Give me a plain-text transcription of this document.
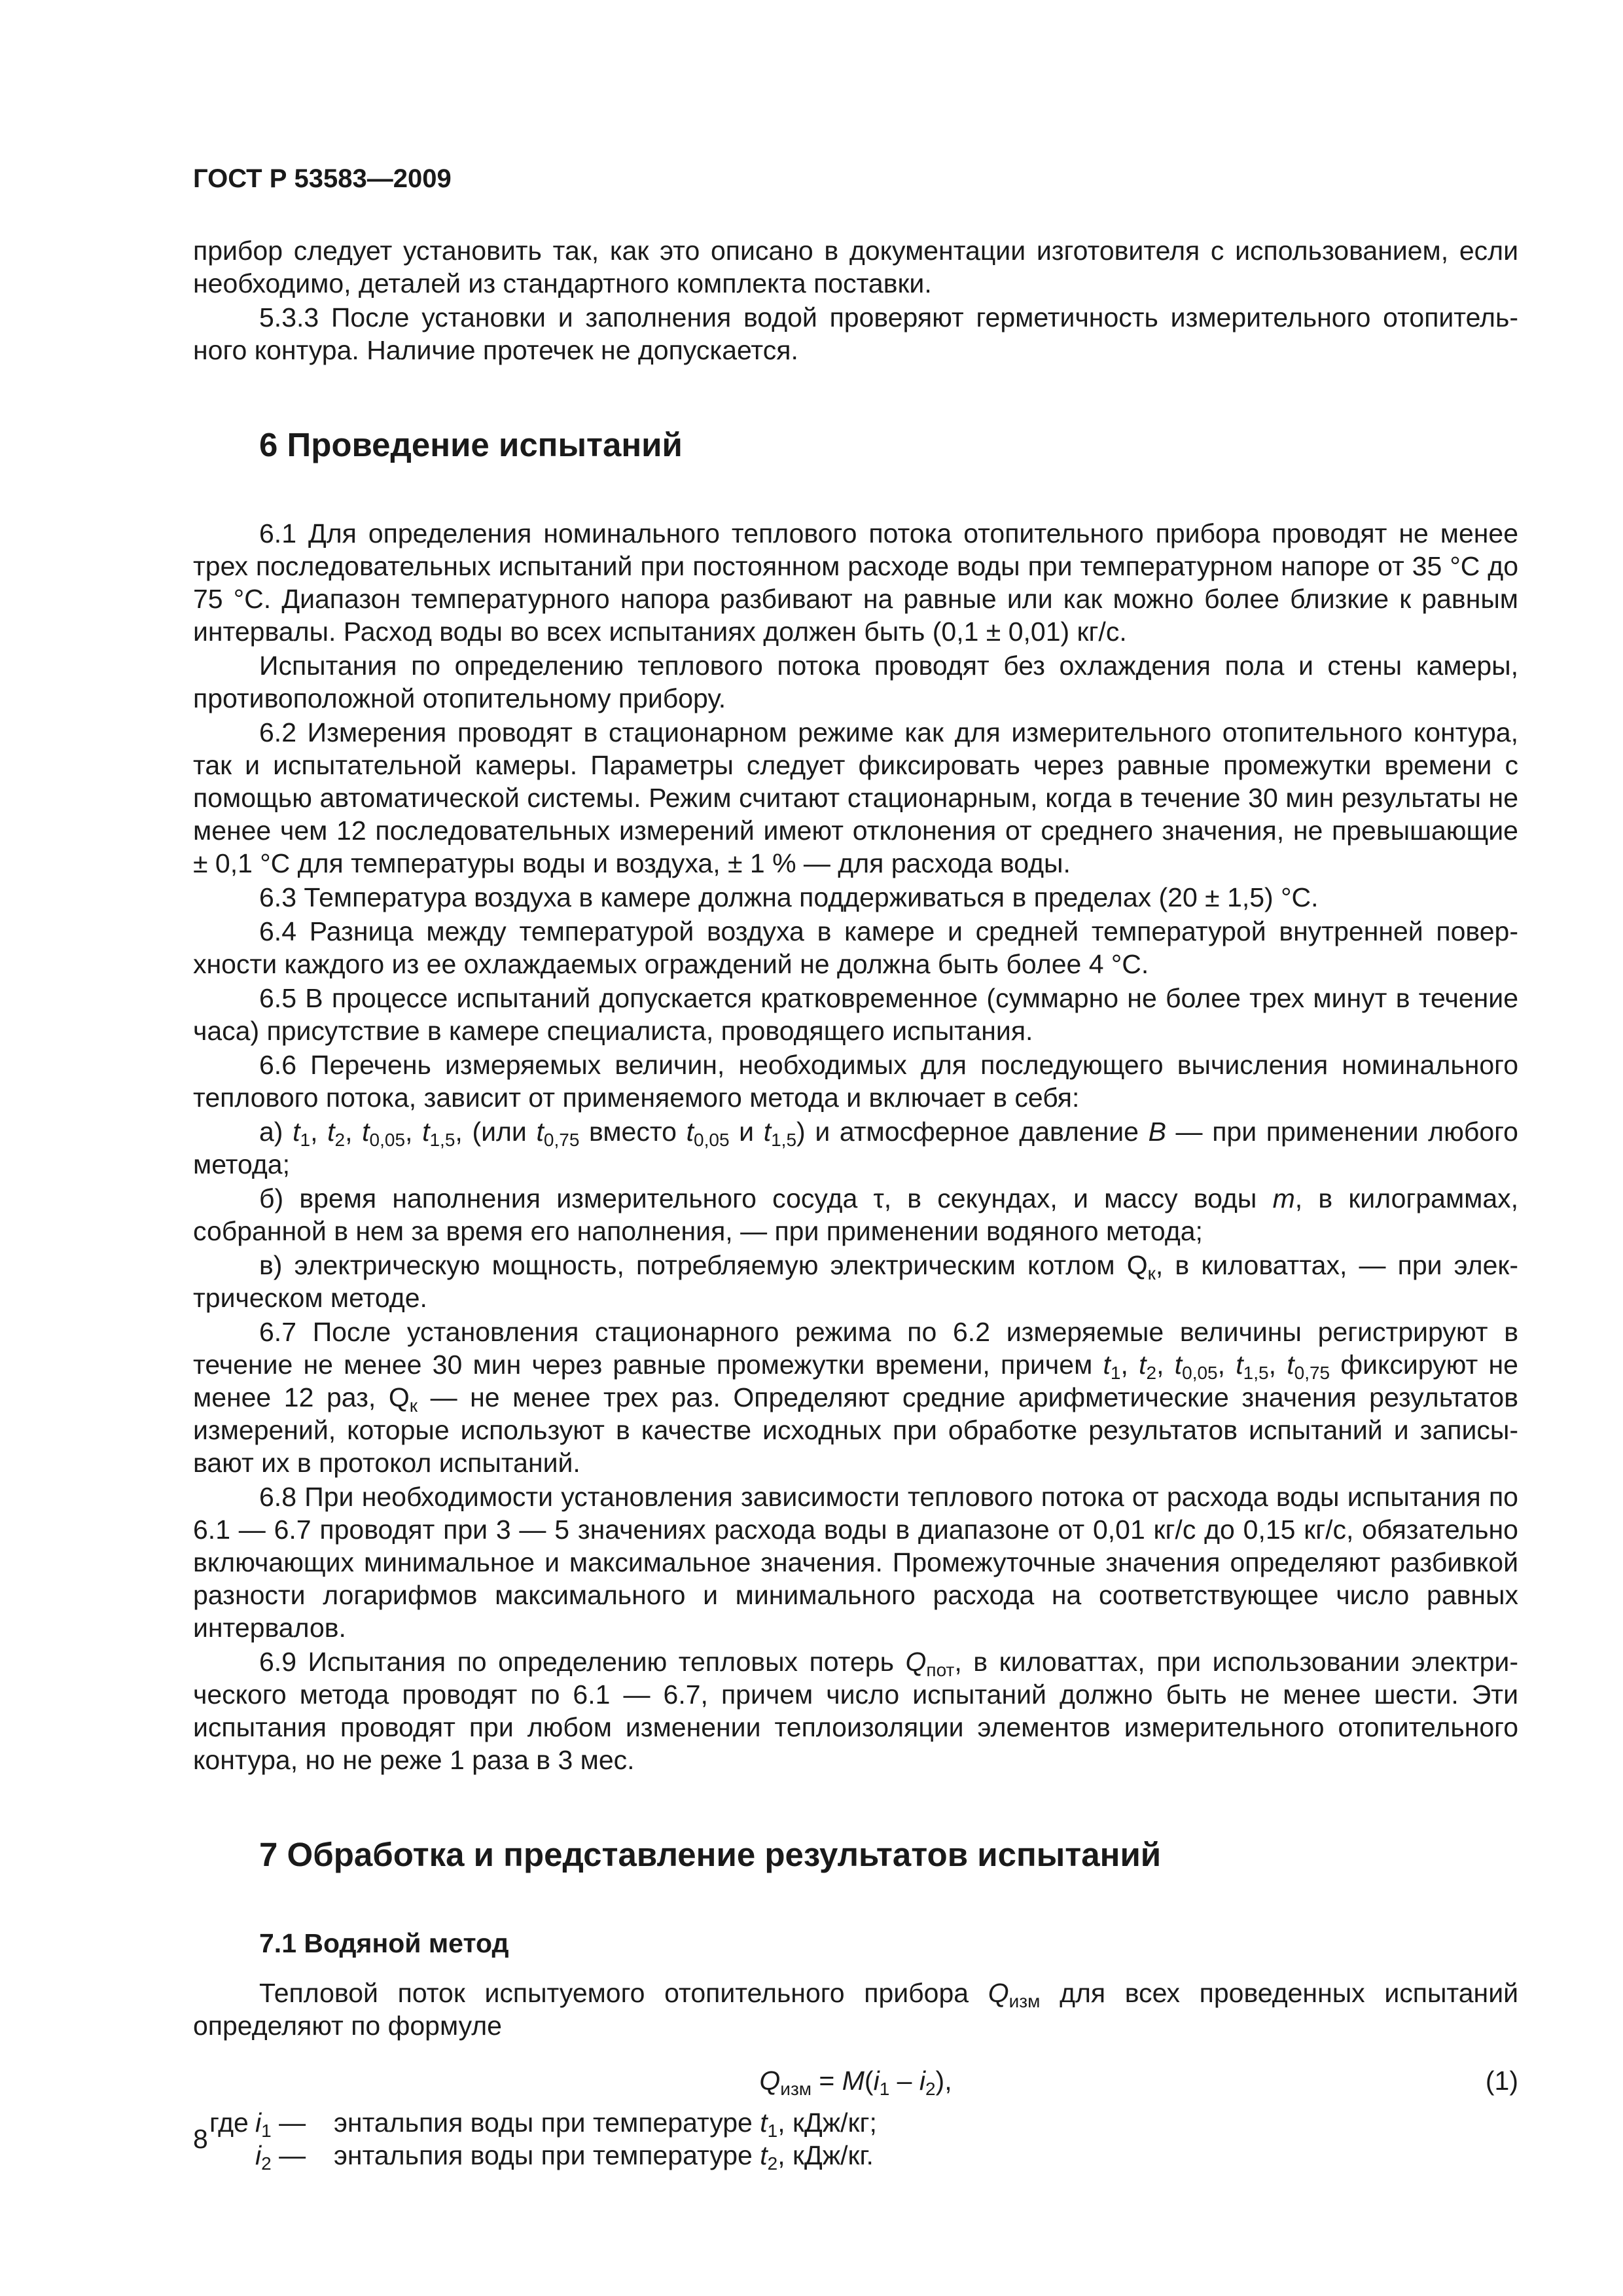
ГОСТ Р 53583—2009

прибор следует установить так, как это описано в документации изготовителя с использованием, если необходимо, деталей из стандартного комплекта поставки.

5.3.3 После установки и заполнения водой проверяют герметичность измерительного отопительного контура. Наличие протечек не допускается.

6 Проведение испытаний

6.1 Для определения номинального теплового потока отопительного прибора проводят не менее трех последовательных испытаний при постоянном расходе воды при температурном напоре от 35 °С до 75 °С. Диапазон температурного напора разбивают на равные или как можно более близкие к равным интервалы. Расход воды во всех испытаниях должен быть (0,1 ± 0,01) кг/с.

Испытания по определению теплового потока проводят без охлаждения пола и стены камеры, противоположной отопительному прибору.

6.2 Измерения проводят в стационарном режиме как для измерительного отопительного контура, так и испытательной камеры. Параметры следует фиксировать через равные промежутки времени с помощью автоматической системы. Режим считают стационарным, когда в течение 30 мин результаты не менее чем 12 последовательных измерений имеют отклонения от среднего значения, не превышающие ± 0,1 °С для температуры воды и воздуха, ± 1 % — для расхода воды.

6.3 Температура воздуха в камере должна поддерживаться в пределах (20 ± 1,5) °С.

6.4 Разница между температурой воздуха в камере и средней температурой внутренней поверхности каждого из ее охлаждаемых ограждений не должна быть более 4 °С.

6.5 В процессе испытаний допускается кратковременное (суммарно не более трех минут в течение часа) присутствие в камере специалиста, проводящего испытания.

6.6 Перечень измеряемых величин, необходимых для последующего вычисления номинального теплового потока, зависит от применяемого метода и включает в себя:

а) $t_1$, $t_2$, $t_{0,05}$, $t_{1,5}$, (или $t_{0,75}$ вместо $t_{0,05}$ и $t_{1,5}$) и атмосферное давление В — при применении любого метода;

б) время наполнения измерительного сосуда τ, в секундах, и массу воды m, в килограммах, собранной в нем за время его наполнения, — при применении водяного метода;

в) электрическую мощность, потребляемую электрическим котлом $Q_к$, в киловаттах, — при электрическом методе.

6.7 После установления стационарного режима по 6.2 измеряемые величины регистрируют в течение не менее 30 мин через равные промежутки времени, причем $t_1$, $t_2$, $t_{0,05}$, $t_{1,5}$, $t_{0,75}$ фиксируют не менее 12 раз, $Q_к$ — не менее трех раз. Определяют средние арифметические значения результатов измерений, которые используют в качестве исходных при обработке результатов испытаний и записывают их в протокол испытаний.

6.8 При необходимости установления зависимости теплового потока от расхода воды испытания по 6.1 — 6.7 проводят при 3 — 5 значениях расхода воды в диапазоне от 0,01 кг/с до 0,15 кг/с, обязательно включающих минимальное и максимальное значения. Промежуточные значения определяют разбивкой разности логарифмов максимального и минимального расхода на соответствующее число равных интервалов.

6.9 Испытания по определению тепловых потерь $Q_{пот}$, в киловаттах, при использовании электрического метода проводят по 6.1 — 6.7, причем число испытаний должно быть не менее шести. Эти испытания проводят при любом изменении теплоизоляции элементов измерительного отопительного контура, но не реже 1 раза в 3 мес.

7 Обработка и представление результатов испытаний
7.1 Водяной метод

Тепловой поток испытуемого отопительного прибора $Q_{изм}$ для всех проведенных испытаний определяют по формуле

$Q_{изм} = M(i_1 - i_2)$,	(1)
где $i_1$ — энтальпия воды при температуре $t_1$, кДж/кг;
$i_2$ — энтальпия воды при температуре $t_2$, кДж/кг.
8
